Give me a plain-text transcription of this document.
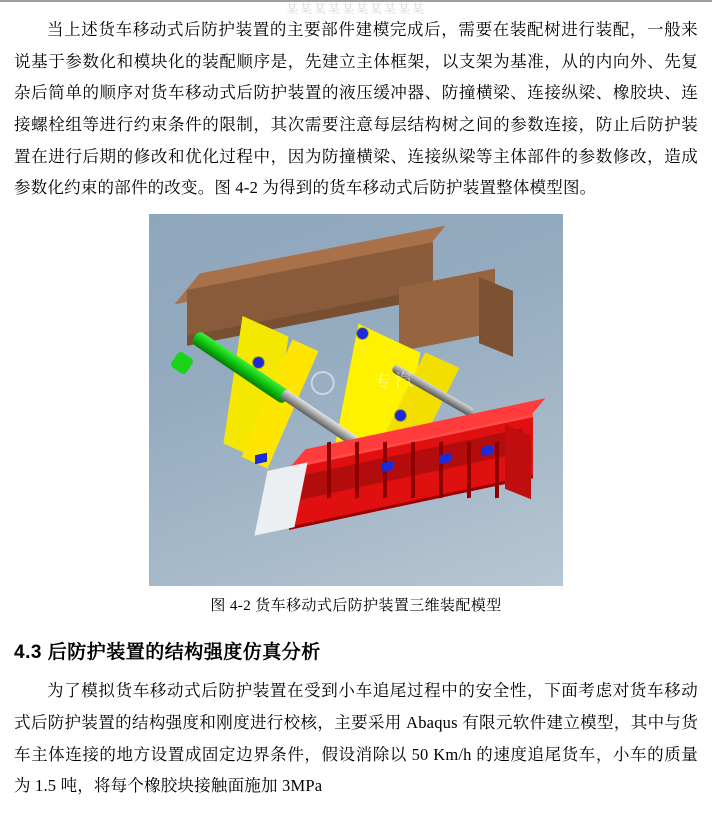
某某某某某某某某某某

当上述货车移动式后防护装置的主要部件建模完成后，需要在装配树进行装配，一般来说基于参数化和模块化的装配顺序是，先建立主体框架，以支架为基准，从的内向外、先复杂后简单的顺序对货车移动式后防护装置的液压缓冲器、防撞横梁、连接纵梁、橡胶块、连接螺栓组等进行约束条件的限制，其次需要注意每层结构树之间的参数连接，防止后防护装置在进行后期的修改和优化过程中，因为防撞横梁、连接纵梁等主体部件的参数修改，造成参数化约束的部件的改变。图 4-2 为得到的货车移动式后防护装置整体模型图。

专汽
图 4-2 货车移动式后防护装置三维装配模型
4.3 后防护装置的结构强度仿真分析

为了模拟货车移动式后防护装置在受到小车追尾过程中的安全性，下面考虑对货车移动式后防护装置的结构强度和刚度进行校核，主要采用 Abaqus 有限元软件建立模型，其中与货车主体连接的地方设置成固定边界条件，假设消除以 50 Km/h 的速度追尾货车，小车的质量为 1.5 吨，将每个橡胶块接触面施加 3MPa
